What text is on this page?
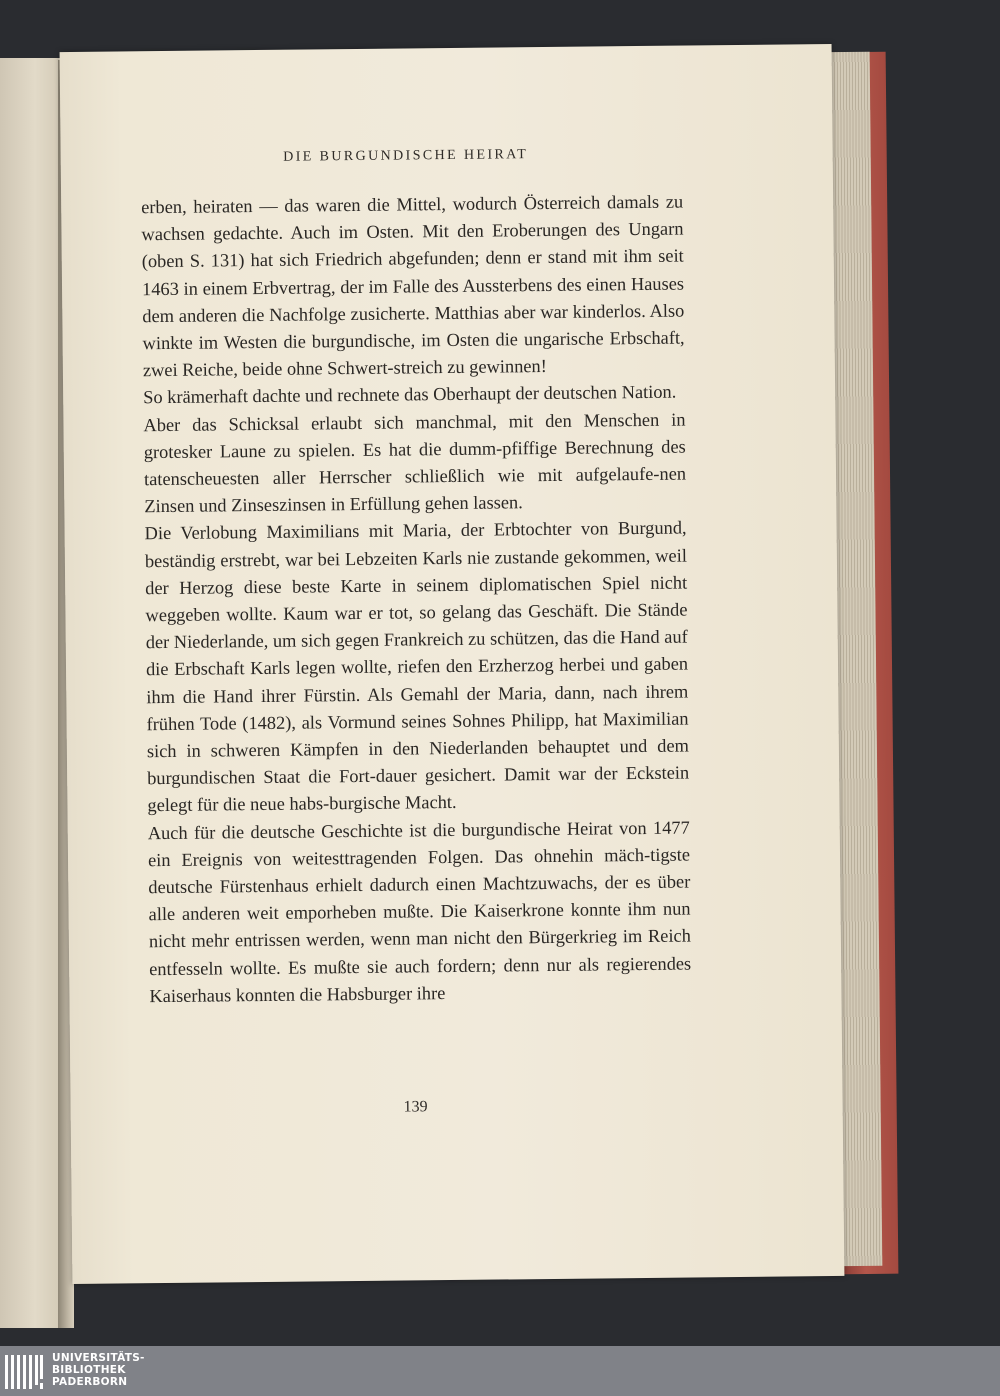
DIE BURGUNDISCHE HEIRAT

erben, heiraten — das waren die Mittel, wodurch Österreich damals zu wachsen gedachte. Auch im Osten. Mit den Eroberungen des Ungarn (oben S. 131) hat sich Friedrich abgefunden; denn er stand mit ihm seit 1463 in einem Erbvertrag, der im Falle des Aussterbens des einen Hauses dem anderen die Nachfolge zusicherte. Matthias aber war kinderlos. Also winkte im Westen die burgundische, im Osten die ungarische Erbschaft, zwei Reiche, beide ohne Schwert-streich zu gewinnen!

So krämerhaft dachte und rechnete das Oberhaupt der deutschen Nation.

Aber das Schicksal erlaubt sich manchmal, mit den Menschen in grotesker Laune zu spielen. Es hat die dumm-pfiffige Berechnung des tatenscheuesten aller Herrscher schließlich wie mit aufgelaufe-nen Zinsen und Zinseszinsen in Erfüllung gehen lassen.

Die Verlobung Maximilians mit Maria, der Erbtochter von Burgund, beständig erstrebt, war bei Lebzeiten Karls nie zustande gekommen, weil der Herzog diese beste Karte in seinem diplomatischen Spiel nicht weggeben wollte. Kaum war er tot, so gelang das Geschäft. Die Stände der Niederlande, um sich gegen Frankreich zu schützen, das die Hand auf die Erbschaft Karls legen wollte, riefen den Erzherzog herbei und gaben ihm die Hand ihrer Fürstin. Als Gemahl der Maria, dann, nach ihrem frühen Tode (1482), als Vormund seines Sohnes Philipp, hat Maximilian sich in schweren Kämpfen in den Niederlanden behauptet und dem burgundischen Staat die Fort-dauer gesichert. Damit war der Eckstein gelegt für die neue habs-burgische Macht.

Auch für die deutsche Geschichte ist die burgundische Heirat von 1477 ein Ereignis von weitesttragenden Folgen. Das ohnehin mäch-tigste deutsche Fürstenhaus erhielt dadurch einen Machtzuwachs, der es über alle anderen weit emporheben mußte. Die Kaiserkrone konnte ihm nun nicht mehr entrissen werden, wenn man nicht den Bürgerkrieg im Reich entfesseln wollte. Es mußte sie auch fordern; denn nur als regierendes Kaiserhaus konnten die Habsburger ihre

139
UNIVERSITÄTS-
BIBLIOTHEK
PADERBORN
